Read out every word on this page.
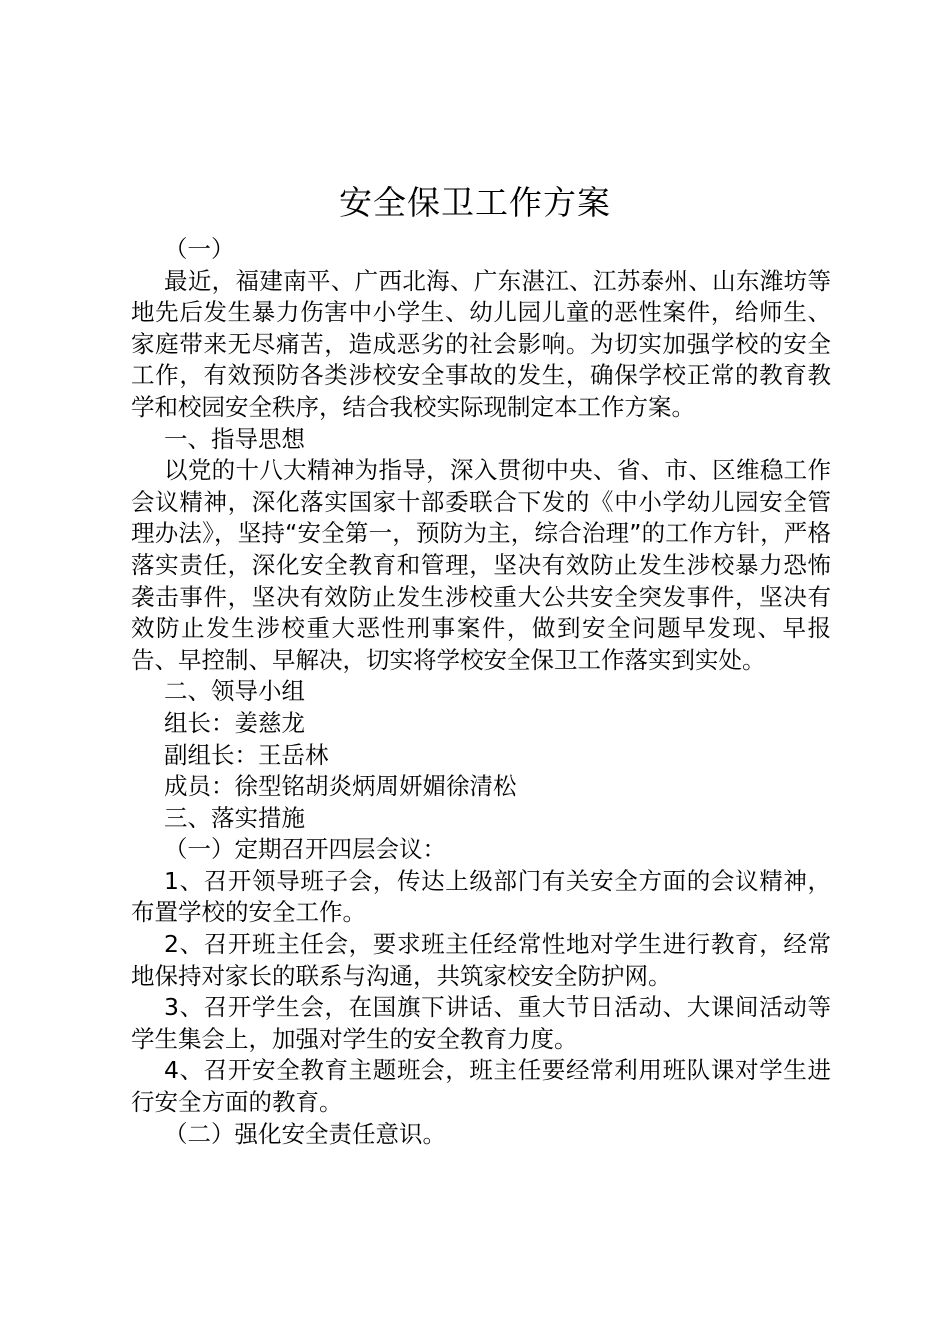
安全保卫工作方案

（一）

最近，福建南平、广西北海、广东湛江、江苏泰州、山东潍坊等地先后发生暴力伤害中小学生、幼儿园儿童的恶性案件，给师生、家庭带来无尽痛苦，造成恶劣的社会影响。为切实加强学校的安全工作，有效预防各类涉校安全事故的发生，确保学校正常的教育教学和校园安全秩序，结合我校实际现制定本工作方案。

一、指导思想

以党的十八大精神为指导，深入贯彻中央、省、市、区维稳工作会议精神，深化落实国家十部委联合下发的《中小学幼儿园安全管理办法》，坚持“安全第一，预防为主，综合治理”的工作方针，严格落实责任，深化安全教育和管理，坚决有效防止发生涉校暴力恐怖袭击事件，坚决有效防止发生涉校重大公共安全突发事件，坚决有效防止发生涉校重大恶性刑事案件，做到安全问题早发现、早报告、早控制、早解决，切实将学校安全保卫工作落实到实处。

二、领导小组

组长：姜慈龙

副组长：王岳林

成员：徐型铭胡炎炳周妍媚徐清松

三、落实措施

（一）定期召开四层会议：

1、召开领导班子会，传达上级部门有关安全方面的会议精神，布置学校的安全工作。

2、召开班主任会，要求班主任经常性地对学生进行教育，经常地保持对家长的联系与沟通，共筑家校安全防护网。

3、召开学生会，在国旗下讲话、重大节日活动、大课间活动等学生集会上，加强对学生的安全教育力度。

4、召开安全教育主题班会，班主任要经常利用班队课对学生进行安全方面的教育。

（二）强化安全责任意识。
